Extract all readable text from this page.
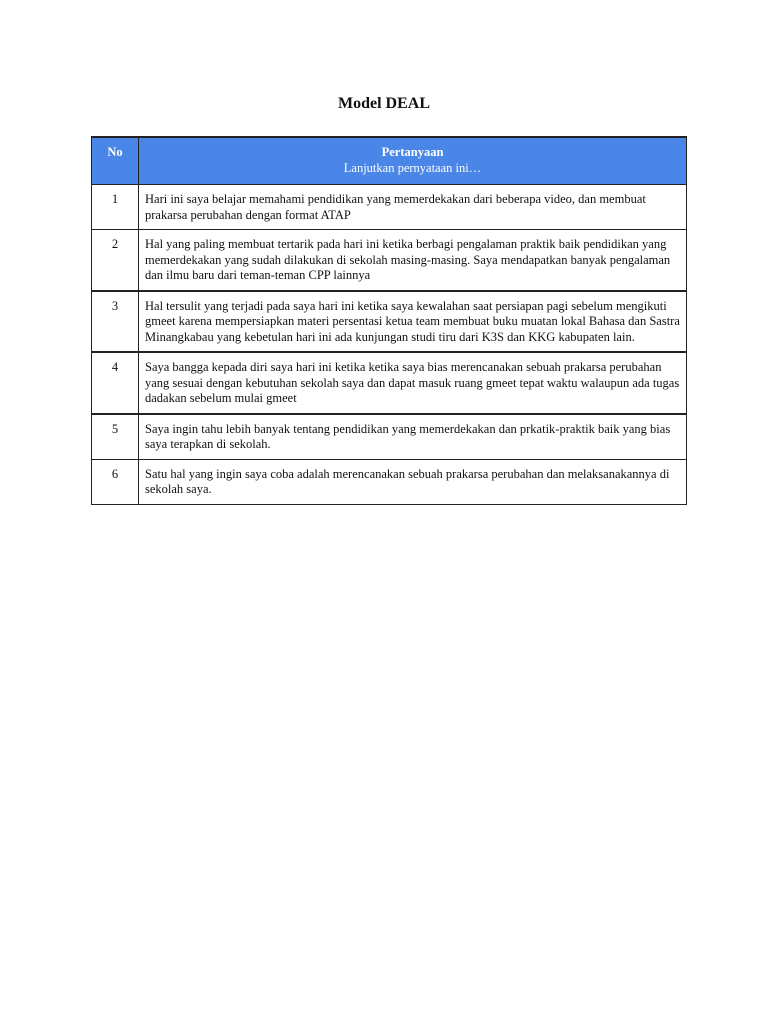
Model DEAL
No	Pertanyaan
Lanjutkan pernyataan ini…

1	Hari ini saya belajar memahami pendidikan yang memerdekakan dari beberapa video, dan membuat prakarsa perubahan dengan format ATAP
2	Hal yang paling membuat tertarik pada hari ini ketika berbagi pengalaman praktik baik pendidikan yang memerdekakan yang sudah dilakukan di sekolah masing-masing. Saya mendapatkan banyak pengalaman dan ilmu baru dari teman-teman CPP lainnya
3	Hal tersulit yang terjadi pada saya hari ini ketika saya kewalahan saat persiapan pagi sebelum mengikuti gmeet karena mempersiapkan materi persentasi ketua team membuat buku muatan lokal Bahasa dan Sastra Minangkabau yang kebetulan hari ini ada kunjungan studi tiru dari K3S dan KKG kabupaten lain.
4	Saya bangga kepada diri saya hari ini ketika ketika saya bias merencanakan sebuah prakarsa perubahan yang sesuai dengan kebutuhan sekolah saya dan dapat masuk ruang gmeet tepat waktu walaupun ada tugas dadakan sebelum mulai gmeet
5	Saya ingin tahu lebih banyak tentang pendidikan yang memerdekakan dan prkatik-praktik baik yang bias saya terapkan di sekolah.
6	Satu hal yang ingin saya coba adalah merencanakan sebuah prakarsa perubahan dan melaksanakannya di sekolah saya.
